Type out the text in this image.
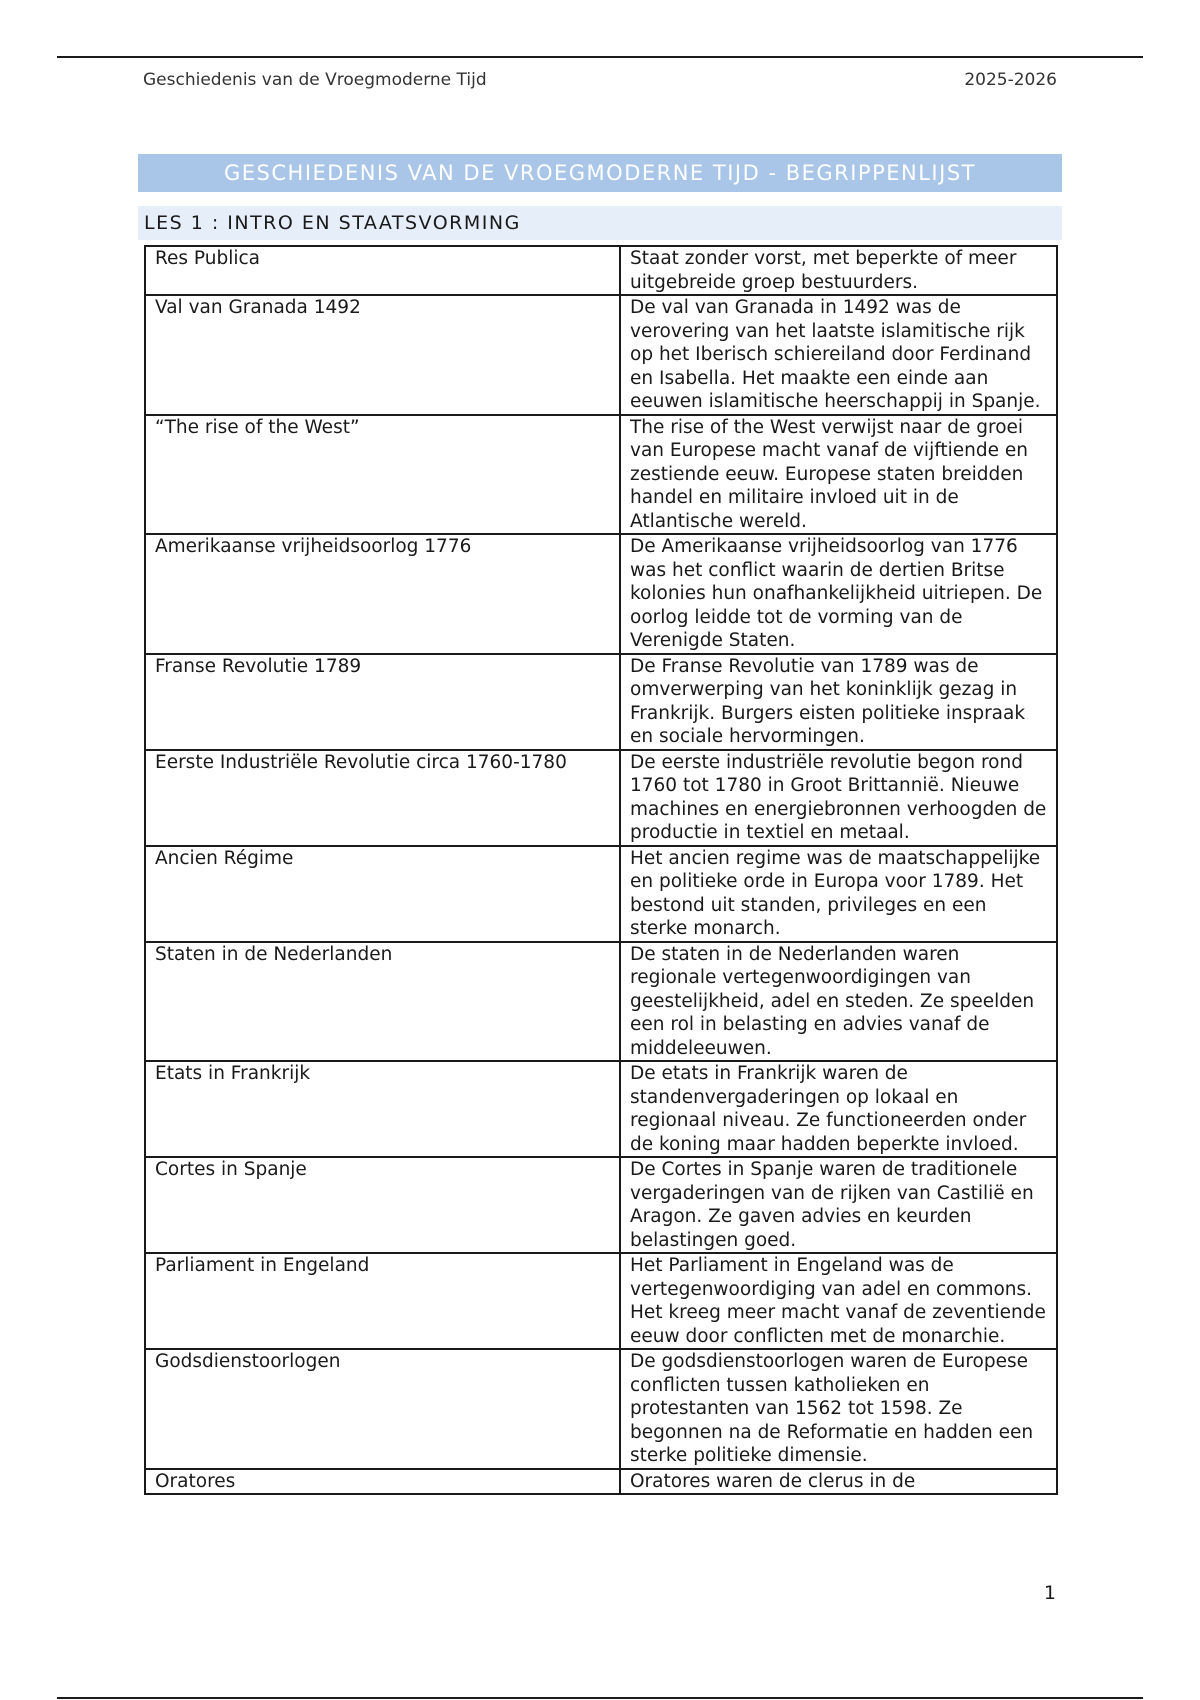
Geschiedenis van de Vroegmoderne Tijd	2025-2026
GESCHIEDENIS VAN DE VROEGMODERNE TIJD - BEGRIPPENLIJST
LES 1 : INTRO EN STAATSVORMING
Res Publica	Staat zonder vorst, met beperkte of meer uitgebreide groep bestuurders.
Val van Granada 1492	De val van Granada in 1492 was de verovering van het laatste islamitische rijk op het Iberisch schiereiland door Ferdinand en Isabella. Het maakte een einde aan eeuwen islamitische heerschappij in Spanje.
“The rise of the West”	The rise of the West verwijst naar de groei van Europese macht vanaf de vijftiende en zestiende eeuw. Europese staten breidden handel en militaire invloed uit in de Atlantische wereld.
Amerikaanse vrijheidsoorlog 1776	De Amerikaanse vrijheidsoorlog van 1776 was het conflict waarin de dertien Britse kolonies hun onafhankelijkheid uitriepen. De oorlog leidde tot de vorming van de Verenigde Staten.
Franse Revolutie 1789	De Franse Revolutie van 1789 was de omverwerping van het koninklijk gezag in Frankrijk. Burgers eisten politieke inspraak en sociale hervormingen.
Eerste Industriële Revolutie circa 1760-1780	De eerste industriële revolutie begon rond 1760 tot 1780 in Groot Brittannië. Nieuwe machines en energiebronnen verhoogden de productie in textiel en metaal.
Ancien Régime	Het ancien regime was de maatschappelijke en politieke orde in Europa voor 1789. Het bestond uit standen, privileges en een sterke monarch.
Staten in de Nederlanden	De staten in de Nederlanden waren regionale vertegenwoordigingen van geestelijkheid, adel en steden. Ze speelden een rol in belasting en advies vanaf de middeleeuwen.
Etats in Frankrijk	De etats in Frankrijk waren de standenvergaderingen op lokaal en regionaal niveau. Ze functioneerden onder de koning maar hadden beperkte invloed.
Cortes in Spanje	De Cortes in Spanje waren de traditionele vergaderingen van de rijken van Castilië en Aragon. Ze gaven advies en keurden belastingen goed.
Parliament in Engeland	Het Parliament in Engeland was de vertegenwoordiging van adel en commons. Het kreeg meer macht vanaf de zeventiende eeuw door conflicten met de monarchie.
Godsdienstoorlogen	De godsdienstoorlogen waren de Europese conflicten tussen katholieken en protestanten van 1562 tot 1598. Ze begonnen na de Reformatie en hadden een sterke politieke dimensie.
Oratores	Oratores waren de clerus in de
1
